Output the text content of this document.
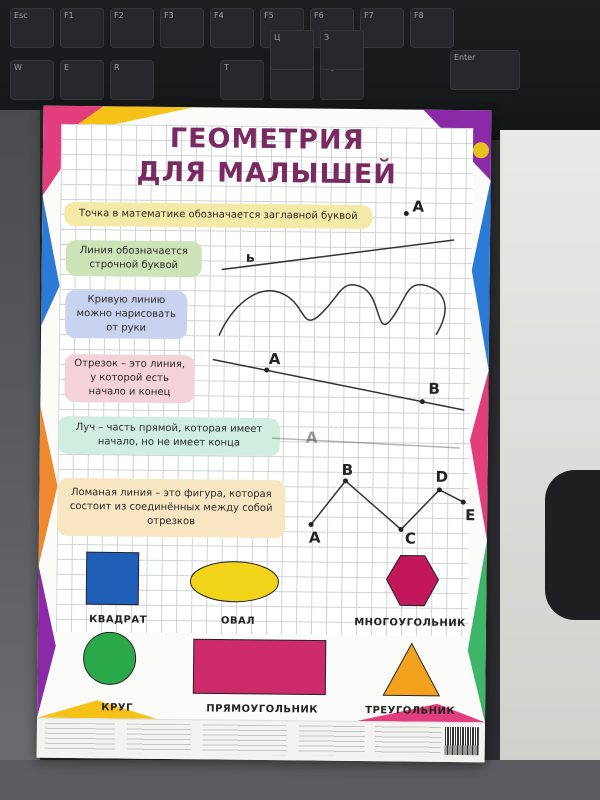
Esc	F1	F2	F3	F4	F5	F6	F7	F8
W	E	R	Т
Enter
Ц	З
ГЕОМЕТРИЯ
ДЛЯ МАЛЫШЕЙ
Точка в математике обозначается заглавной буквой
Линия обозначается строчной буквой
Кривую линию можно нарисовать от руки
Отрезок – это линия, у которой есть начало и конец
Луч – часть прямой, которая имеет начало, но не имеет конца
Ломаная линия – это фигура, которая состоит из соединённых между собой отрезков
A
ь
A
B
A
A
B
C
D
E
КВАДРАТ	ОВАЛ	МНОГОУГОЛЬНИК
КРУГ	ПРЯМОУГОЛЬНИК	ТРЕУГОЛЬНИК
